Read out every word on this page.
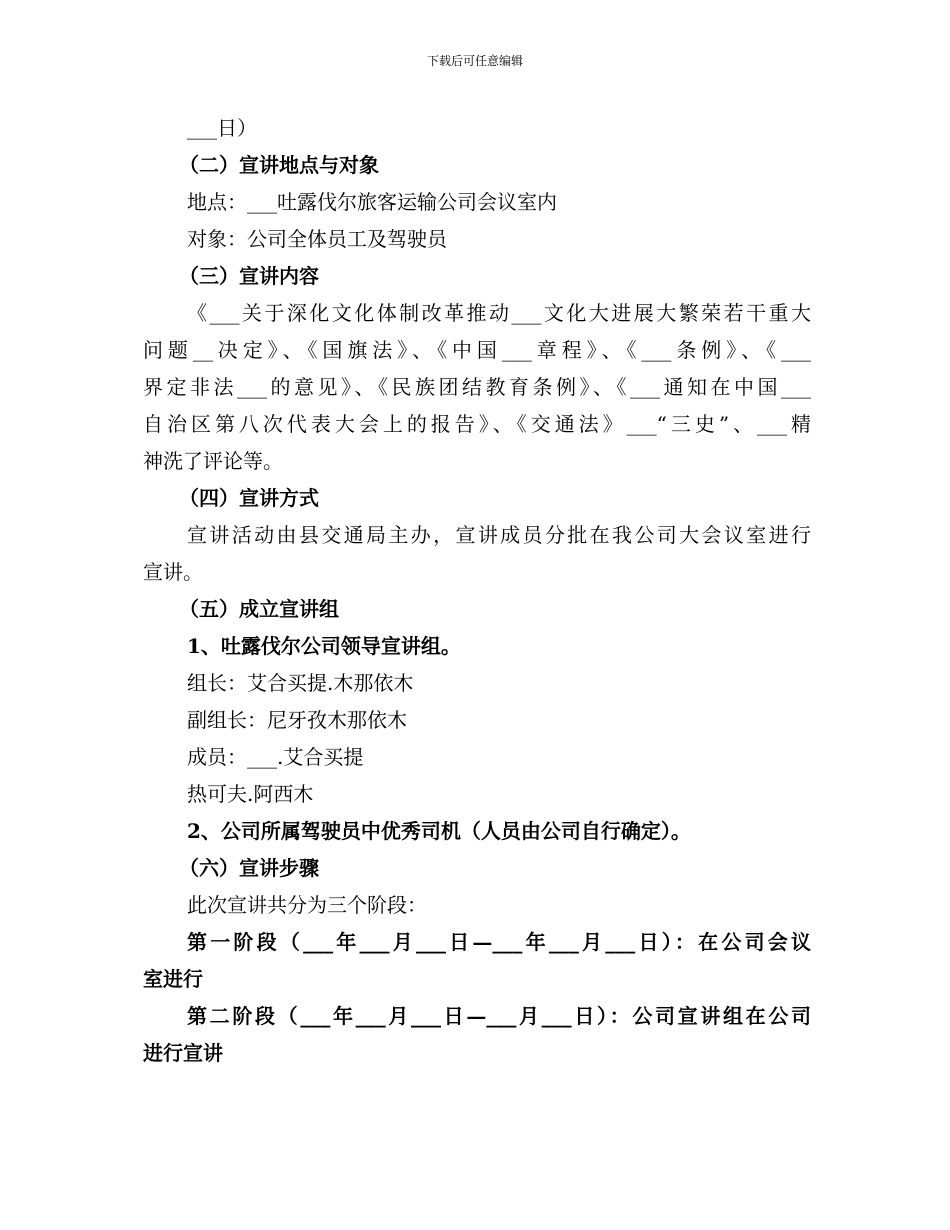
下载后可任意编辑
___日）
（二）宣讲地点与对象
地点：___吐露伐尔旅客运输公司会议室内
对象：公司全体员工及驾驶员
（三）宣讲内容
《___关于深化文化体制改革推动___文化大进展大繁荣若干重大
问题__决定》、《国旗法》、《中国___章程》、《___条例》、《___
界定非法___的意见》、《民族团结教育条例》、《___通知在中国___
自治区第八次代表大会上的报告》、《交通法》___“三史”、___精
神洗了评论等。
（四）宣讲方式
宣讲活动由县交通局主办，宣讲成员分批在我公司大会议室进行
宣讲。
（五）成立宣讲组
1、吐露伐尔公司领导宣讲组。
组长：艾合买提.木那依木
副组长：尼牙孜木那依木
成员：___.艾合买提
热可夫.阿西木
2、公司所属驾驶员中优秀司机（人员由公司自行确定）。
（六）宣讲步骤
此次宣讲共分为三个阶段：
第一阶段（___年___月___日—___年___月___日）：在公司会议
室进行
第二阶段（___年___月___日—___月___日）：公司宣讲组在公司
进行宣讲
